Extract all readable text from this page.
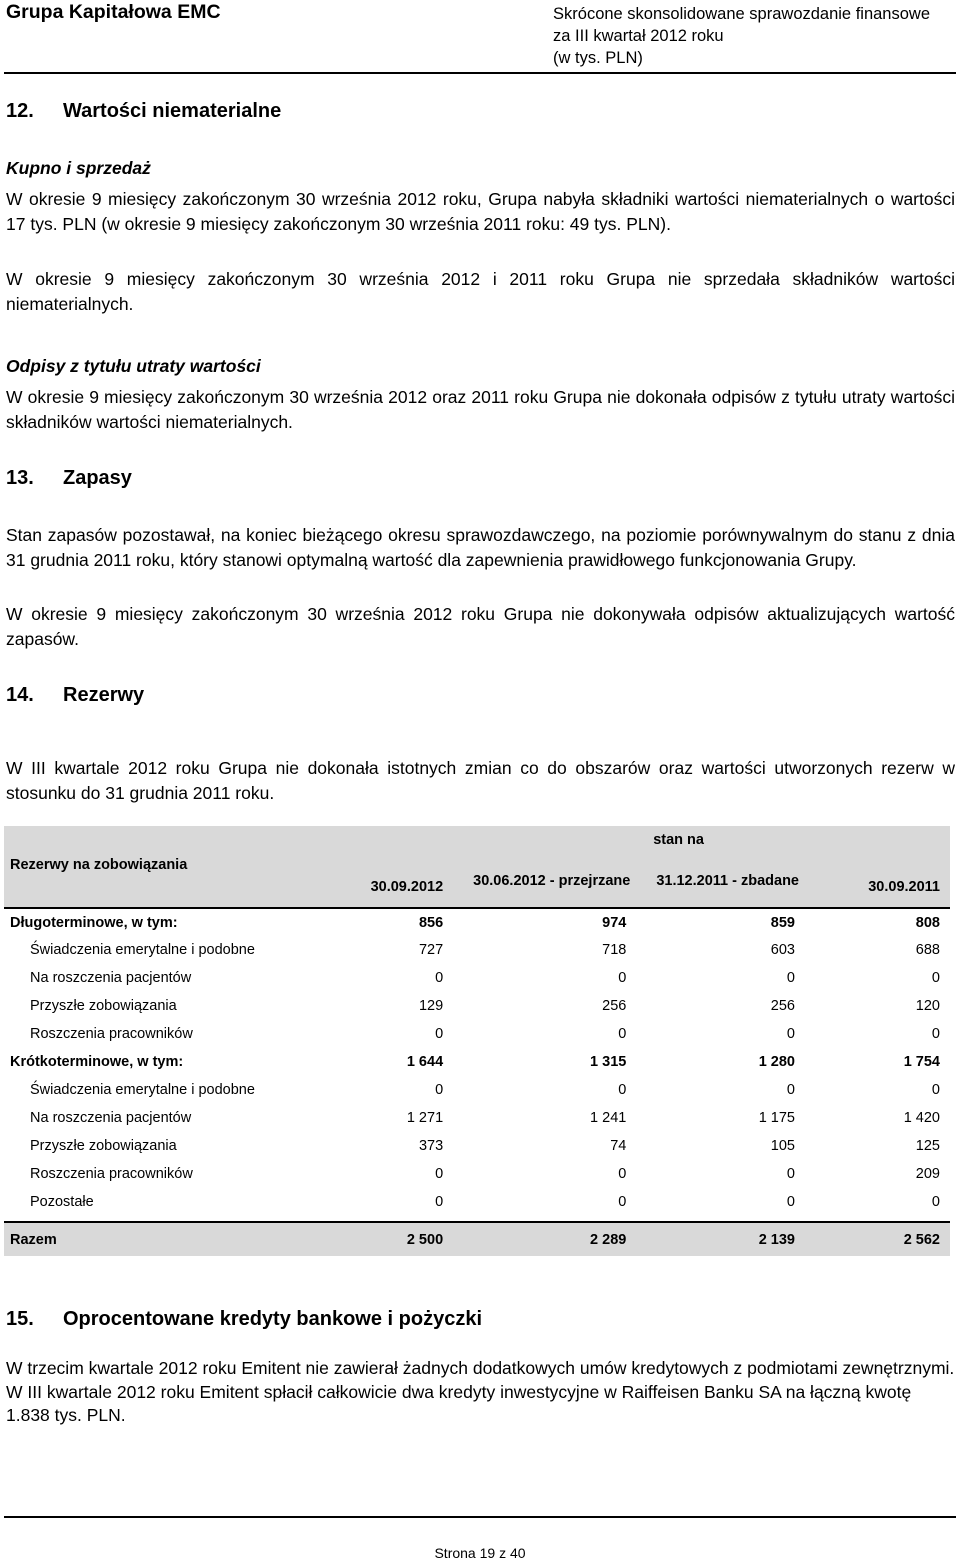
Grupa Kapitałowa EMC	Skrócone skonsolidowane sprawozdanie finansowe
za III kwartał 2012 roku
(w tys. PLN)
12. Wartości niematerialne
Kupno i sprzedaż
W okresie 9 miesięcy zakończonym 30 września 2012 roku, Grupa nabyła składniki wartości niematerialnych o wartości 17 tys. PLN (w okresie 9 miesięcy zakończonym 30 września 2011 roku: 49 tys. PLN).
W okresie 9 miesięcy zakończonym 30 września 2012 i 2011 roku Grupa nie sprzedała składników wartości niematerialnych.
Odpisy z tytułu utraty wartości
W okresie 9 miesięcy zakończonym 30 września 2012 oraz 2011 roku Grupa nie dokonała odpisów z tytułu utraty wartości składników wartości niematerialnych.
13. Zapasy
Stan zapasów pozostawał, na koniec bieżącego okresu sprawozdawczego, na poziomie porównywalnym do stanu z dnia 31 grudnia 2011 roku, który stanowi optymalną wartość dla zapewnienia prawidłowego funkcjonowania Grupy.
W okresie 9 miesięcy zakończonym 30 września 2012 roku Grupa nie dokonywała odpisów aktualizujących wartość zapasów.
14. Rezerwy
W III kwartale 2012 roku Grupa nie dokonała istotnych zmian co do obszarów oraz wartości utworzonych rezerw w stosunku do 31 grudnia 2011 roku.
	stan na			
Rezerwy na zobowiązania	30.09.2012	30.06.2012 - przejrzane	31.12.2011 - zbadane	30.09.2011
Długoterminowe, w tym:	856	974	859	808
Świadczenia emerytalne i podobne	727	718	603	688
Na roszczenia pacjentów	0	0	0	0
Przyszłe zobowiązania	129	256	256	120
Roszczenia pracowników	0	0	0	0
Krótkoterminowe, w tym:	1 644	1 315	1 280	1 754
Świadczenia emerytalne i podobne	0	0	0	0
Na roszczenia pacjentów	1 271	1 241	1 175	1 420
Przyszłe zobowiązania	373	74	105	125
Roszczenia pracowników	0	0	0	209
Pozostałe	0	0	0	0

Razem	2 500	2 289	2 139	2 562
15. Oprocentowane kredyty bankowe i pożyczki
W trzecim kwartale 2012 roku Emitent nie zawierał żadnych dodatkowych umów kredytowych z podmiotami zewnętrznymi. W III kwartale 2012 roku Emitent spłacił całkowicie dwa kredyty inwestycyjne w Raiffeisen Banku SA na łączną kwotę 1.838 tys. PLN.
Strona 19 z 40
